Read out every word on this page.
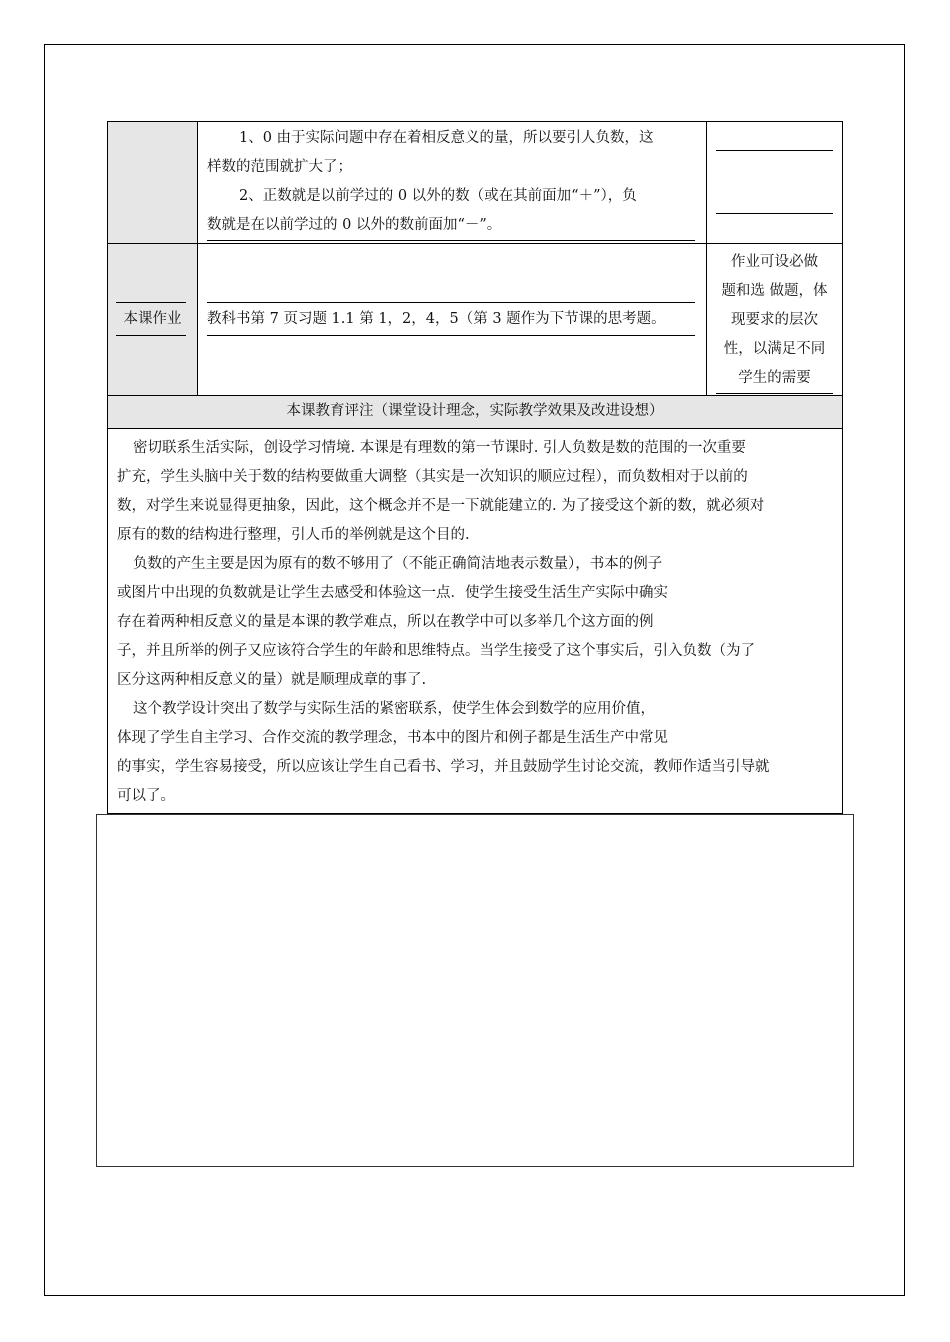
1、0 由于实际问题中存在着相反意义的量，所以要引人负数，这
样数的范围就扩大了；
2、正数就是以前学过的 0 以外的数（或在其前面加“＋”），负
数就是在以前学过的 0 以外的数前面加“－”。
本课作业	教科书第 7 页习题 1.1 第 1，2，4，5（第 3 题作为下节课的思考题。
作业可设必做
题和选 做题，体
现要求的层次
性，以满足不同
学生的需要
本课教育评注（课堂设计理念，实际教学效果及改进设想）
密切联系生活实际，创设学习情境. 本课是有理数的第一节课时. 引人负数是数的范围的一次重要
扩充，学生头脑中关于数的结构要做重大调整（其实是一次知识的顺应过程），而负数相对于以前的
数，对学生来说显得更抽象，因此，这个概念并不是一下就能建立的. 为了接受这个新的数，就必须对
原有的数的结构进行整理，引人币的举例就是这个目的.
负数的产生主要是因为原有的数不够用了（不能正确简洁地表示数量），书本的例子
或图片中出现的负数就是让学生去感受和体验这一点．使学生接受生活生产实际中确实
存在着两种相反意义的量是本课的教学难点，所以在教学中可以多举几个这方面的例
子，并且所举的例子又应该符合学生的年龄和思维特点。当学生接受了这个事实后，引入负数（为了
区分这两种相反意义的量）就是顺理成章的事了.
这个教学设计突出了数学与实际生活的紧密联系，使学生体会到数学的应用价值，
体现了学生自主学习、合作交流的教学理念，书本中的图片和例子都是生活生产中常见
的事实，学生容易接受，所以应该让学生自己看书、学习，并且鼓励学生讨论交流，教师作适当引导就
可以了。
